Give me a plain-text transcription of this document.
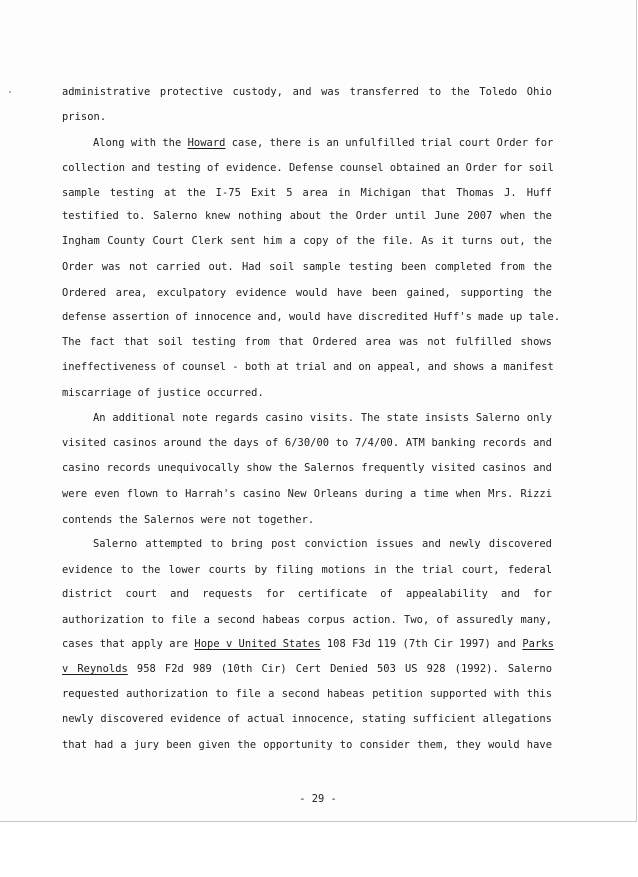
administrative protective custody, and was transferred to the Toledo Ohio
prison.
Along with the Howard case, there is an unfulfilled trial court Order for
collection and testing of evidence. Defense counsel obtained an Order for soil
sample testing at the I-75 Exit 5 area in Michigan that Thomas J. Huff
testified to. Salerno knew nothing about the Order until June 2007 when the
Ingham County Court Clerk sent him a copy of the file. As it turns out, the
Order was not carried out. Had soil sample testing been completed from the
Ordered area, exculpatory evidence would have been gained, supporting the
defense assertion of innocence and, would have discredited Huff's made up tale.
The fact that soil testing from that Ordered area was not fulfilled shows
ineffectiveness of counsel - both at trial and on appeal, and shows a manifest
miscarriage of justice occurred.
An additional note regards casino visits. The state insists Salerno only
visited casinos around the days of 6/30/00 to 7/4/00. ATM banking records and
casino records unequivocally show the Salernos frequently visited casinos and
were even flown to Harrah's casino New Orleans during a time when Mrs. Rizzi
contends the Salernos were not together.
Salerno attempted to bring post conviction issues and newly discovered
evidence to the lower courts by filing motions in the trial court, federal
district court and requests for certificate of appealability and for
authorization to file a second habeas corpus action. Two, of assuredly many,
cases that apply are Hope v United States 108 F3d 119 (7th Cir 1997) and Parks
v Reynolds 958 F2d 989 (10th Cir) Cert Denied 503 US 928 (1992). Salerno
requested authorization to file a second habeas petition supported with this
newly discovered evidence of actual innocence, stating sufficient allegations
that had a jury been given the opportunity to consider them, they would have
- 29 -
